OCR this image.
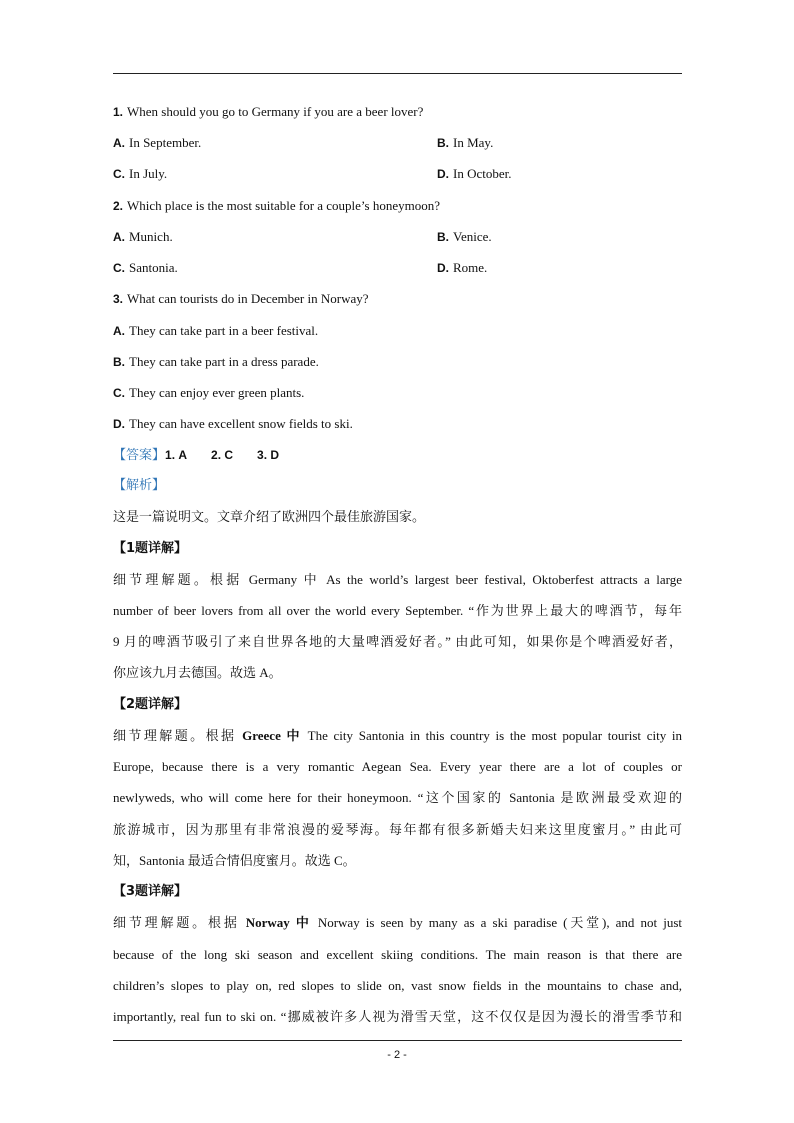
1. When should you go to Germany if you are a beer lover?
A. In September.	B. In May.
C. In July.	D. In October.
2. Which place is the most suitable for a couple’s honeymoon?
A. Munich.	B. Venice.
C. Santonia.	D. Rome.
3. What can tourists do in December in Norway?
A. They can take part in a beer festival.
B. They can take part in a dress parade.
C. They can enjoy ever green plants.
D. They can have excellent snow fields to ski.
【答案】1. A 2. C 3. D
【解析】
这是一篇说明文。文章介绍了欧洲四个最佳旅游国家。
【1题详解】
细节理解题。根据 Germany 中 As the world’s largest beer festival, Oktoberfest attracts a large
number of beer lovers from all over the world every September. “作为世界上最大的啤酒节，每年
9 月的啤酒节吸引了来自世界各地的大量啤酒爱好者。” 由此可知，如果你是个啤酒爱好者，
你应该九月去德国。故选 A。
【2题详解】
细节理解题。根据 Greece 中 The city Santonia in this country is the most popular tourist city in
Europe, because there is a very romantic Aegean Sea. Every year there are a lot of couples or
newlyweds, who will come here for their honeymoon. “这个国家的 Santonia 是欧洲最受欢迎的
旅游城市，因为那里有非常浪漫的爱琴海。每年都有很多新婚夫妇来这里度蜜月。” 由此可
知，Santonia 最适合情侣度蜜月。故选 C。
【3题详解】
细节理解题。根据 Norway 中 Norway is seen by many as a ski paradise (天堂), and not just
because of the long ski season and excellent skiing conditions. The main reason is that there are
children’s slopes to play on, red slopes to slide on, vast snow fields in the mountains to chase and,
importantly, real fun to ski on. “挪威被许多人视为滑雪天堂，这不仅仅是因为漫长的滑雪季节和
- 2 -
